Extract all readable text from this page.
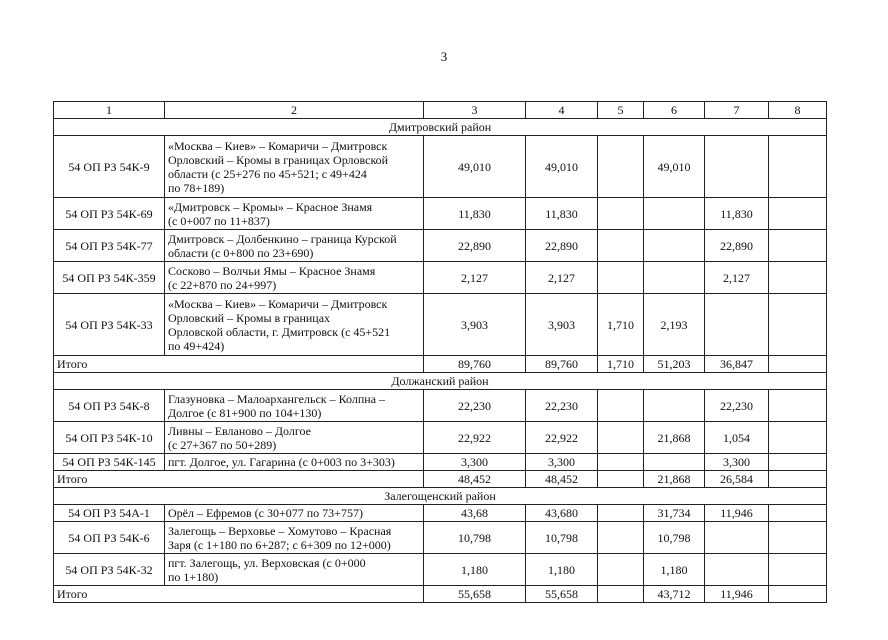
3
1	2	3	4	5	6	7	8
Дмитровский район							
54 ОП РЗ 54К-9	«Москва – Киев» – Комаричи – Дмитровск
Орловский – Кромы в границах Орловской
области (с 25+276 по 45+521; с 49+424
по 78+189)	49,010	49,010		49,010		
54 ОП РЗ 54К-69	«Дмитровск – Кромы» – Красное Знамя
(с 0+007 по 11+837)	11,830	11,830			11,830	
54 ОП РЗ 54К-77	Дмитровск – Долбенкино – граница Курской
области (с 0+800 по 23+690)	22,890	22,890			22,890	
54 ОП РЗ 54К-359	Сосково – Волчьи Ямы – Красное Знамя
(с 22+870 по 24+997)	2,127	2,127			2,127	
54 ОП РЗ 54К-33	«Москва – Киев» – Комаричи – Дмитровск
Орловский – Кромы в границах
Орловской области, г. Дмитровск (с 45+521
по 49+424)	3,903	3,903	1,710	2,193		
Итого		89,760	89,760	1,710	51,203	36,847	
Должанский район							
54 ОП РЗ 54К-8	Глазуновка – Малоархангельск – Колпна –
Долгое (с 81+900 по 104+130)	22,230	22,230			22,230	
54 ОП РЗ 54К-10	Ливны – Евланово – Долгое
(с 27+367 по 50+289)	22,922	22,922		21,868	1,054	
54 ОП РЗ 54К-145	пгт. Долгое, ул. Гагарина (с 0+003 по 3+303)	3,300	3,300			3,300	
Итого		48,452	48,452		21,868	26,584	
Залегощенский район							
54 ОП РЗ 54А-1	Орёл – Ефремов (с 30+077 по 73+757)	43,68	43,680		31,734	11,946	
54 ОП РЗ 54К-6	Залегощь – Верховье – Хомутово – Красная
Заря (с 1+180 по 6+287; с 6+309 по 12+000)	10,798	10,798		10,798		
54 ОП РЗ 54К-32	пгт. Залегощь, ул. Верховская (с 0+000
по 1+180)	1,180	1,180		1,180		
Итого		55,658	55,658		43,712	11,946	
